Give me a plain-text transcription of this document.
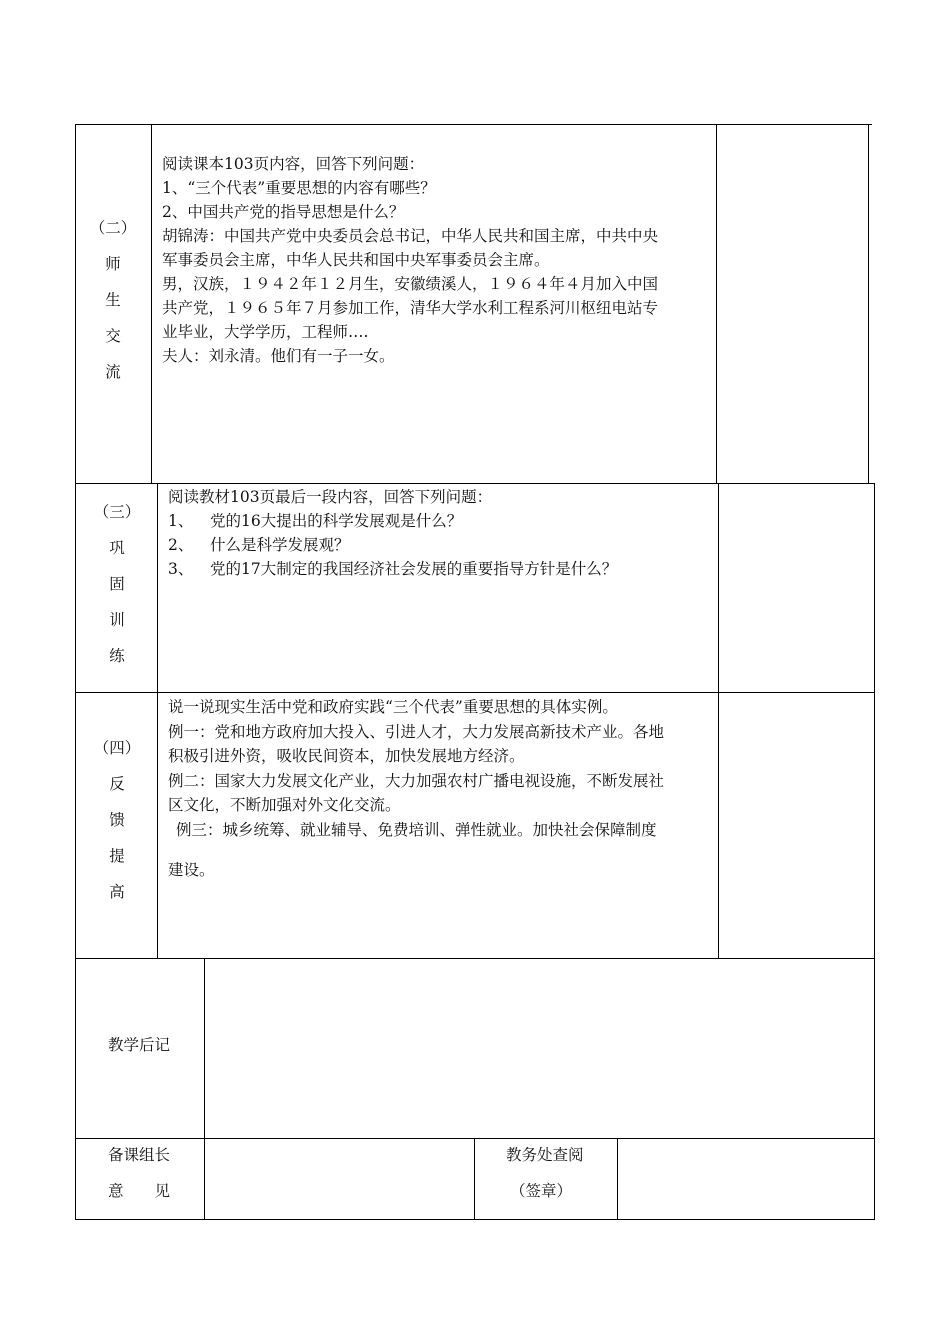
（二）
师
生
交
流
阅读课本103页内容，回答下列问题：
1、“三个代表”重要思想的内容有哪些？
2、中国共产党的指导思想是什么？
胡锦涛：中国共产党中央委员会总书记，中华人民共和国主席，中共中央
军事委员会主席，中华人民共和国中央军事委员会主席。
男，汉族，１９４２年１２月生，安徽绩溪人，１９６４年４月加入中国
共产党，１９６５年７月参加工作，清华大学水利工程系河川枢纽电站专
业毕业，大学学历，工程师….
夫人：刘永清。他们有一子一女。
（三）
巩
固
训
练
阅读教材103页最后一段内容，回答下列问题：
1、 党的16大提出的科学发展观是什么？
2、 什么是科学发展观？
3、 党的17大制定的我国经济社会发展的重要指导方针是什么？
（四）
反
馈
提
高
说一说现实生活中党和政府实践“三个代表”重要思想的具体实例。
例一：党和地方政府加大投入、引进人才，大力发展高新技术产业。各地
积极引进外资，吸收民间资本，加快发展地方经济。
例二：国家大力发展文化产业，大力加强农村广播电视设施，不断发展社
区文化，不断加强对外文化交流。
例三：城乡统筹、就业辅导、免费培训、弹性就业。加快社会保障制度
建设。
教学后记
备课组长
意　　见
教务处查阅
（签章）
